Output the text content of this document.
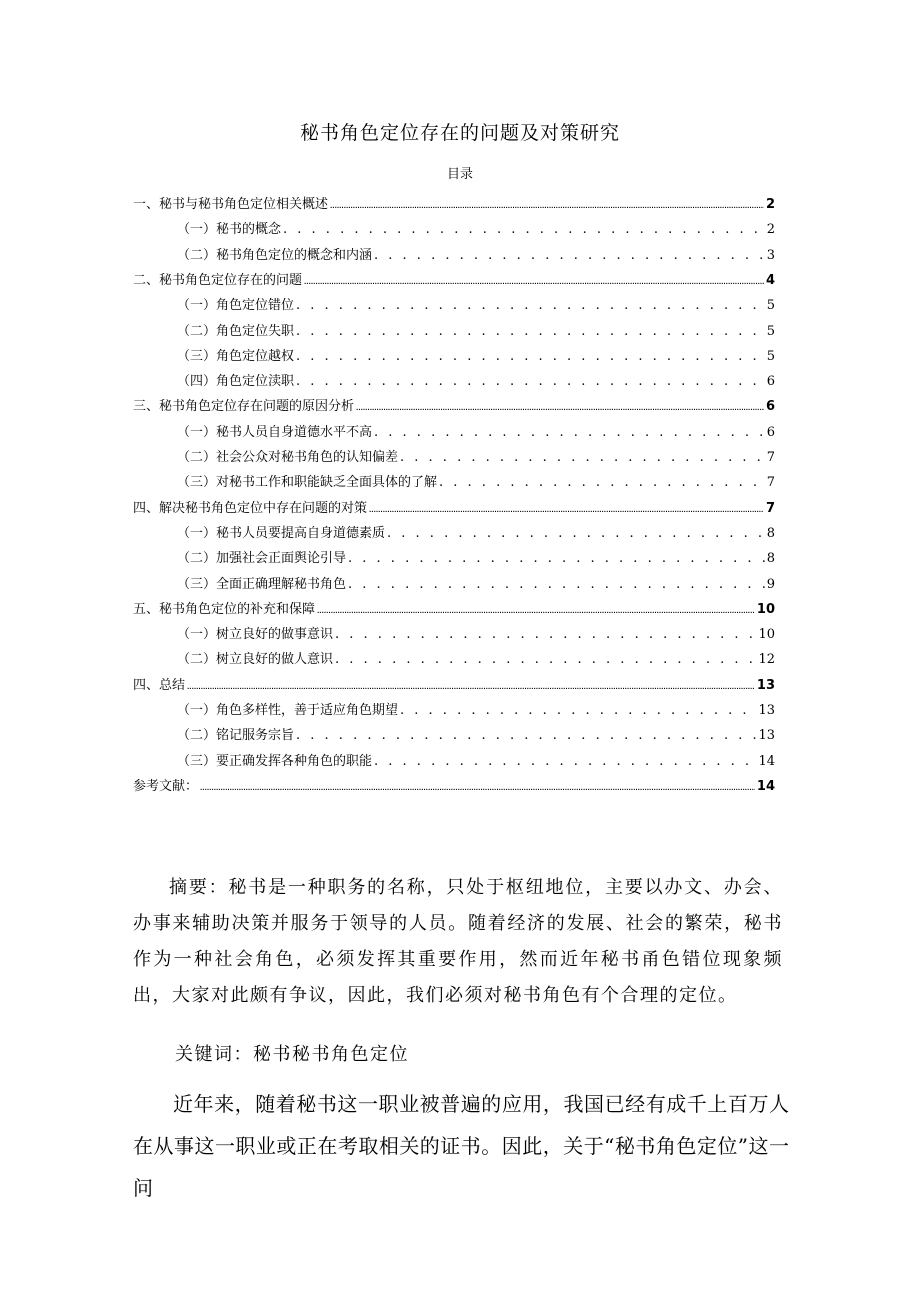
秘书角色定位存在的问题及对策研究
目录
一、秘书与秘书角色定位相关概述 .....	2
（一）秘书的概念 . . .	2
（二）秘书角色定位的概念和内涵 . . .	3
二、秘书角色定位存在的问题 .....	4
（一）角色定位错位 . . .	5
（二）角色定位失职 . . .	5
（三）角色定位越权 . . .	5
（四）角色定位渎职 . . .	6
三、秘书角色定位存在问题的原因分析 .....	6
（一）秘书人员自身道德水平不高 . . .	6
（二）社会公众对秘书角色的认知偏差 . . .	7
（三）对秘书工作和职能缺乏全面具体的了解 . . .	7
四、解决秘书角色定位中存在问题的对策 .....	7
（一）秘书人员要提高自身道德素质 . . .	8
（二）加强社会正面舆论引导 . . .	8
（三）全面正确理解秘书角色 . . .	9
五、秘书角色定位的补充和保障 .....	10
（一）树立良好的做事意识 . . .	10
（二）树立良好的做人意识 . . .	12
四、总结 .....	13
（一）角色多样性，善于适应角色期望 . . .	13
（二）铭记服务宗旨 . . .	13
（三）要正确发挥各种角色的职能 . . .	14
参考文献： .....	14
摘要：秘书是一种职务的名称，只处于枢纽地位，主要以办文、办会、办事来辅助决策并服务于领导的人员。随着经济的发展、社会的繁荣，秘书作为一种社会角色，必须发挥其重要作用，然而近年秘书甬色错位现象频出，大家对此颇有争议，因此，我们必须对秘书角色有个合理的定位。
关键词：秘书秘书角色定位
近年来，随着秘书这一职业被普遍的应用，我国已经有成千上百万人在从事这一职业或正在考取相关的证书。因此，关于“秘书角色定位”这一问
